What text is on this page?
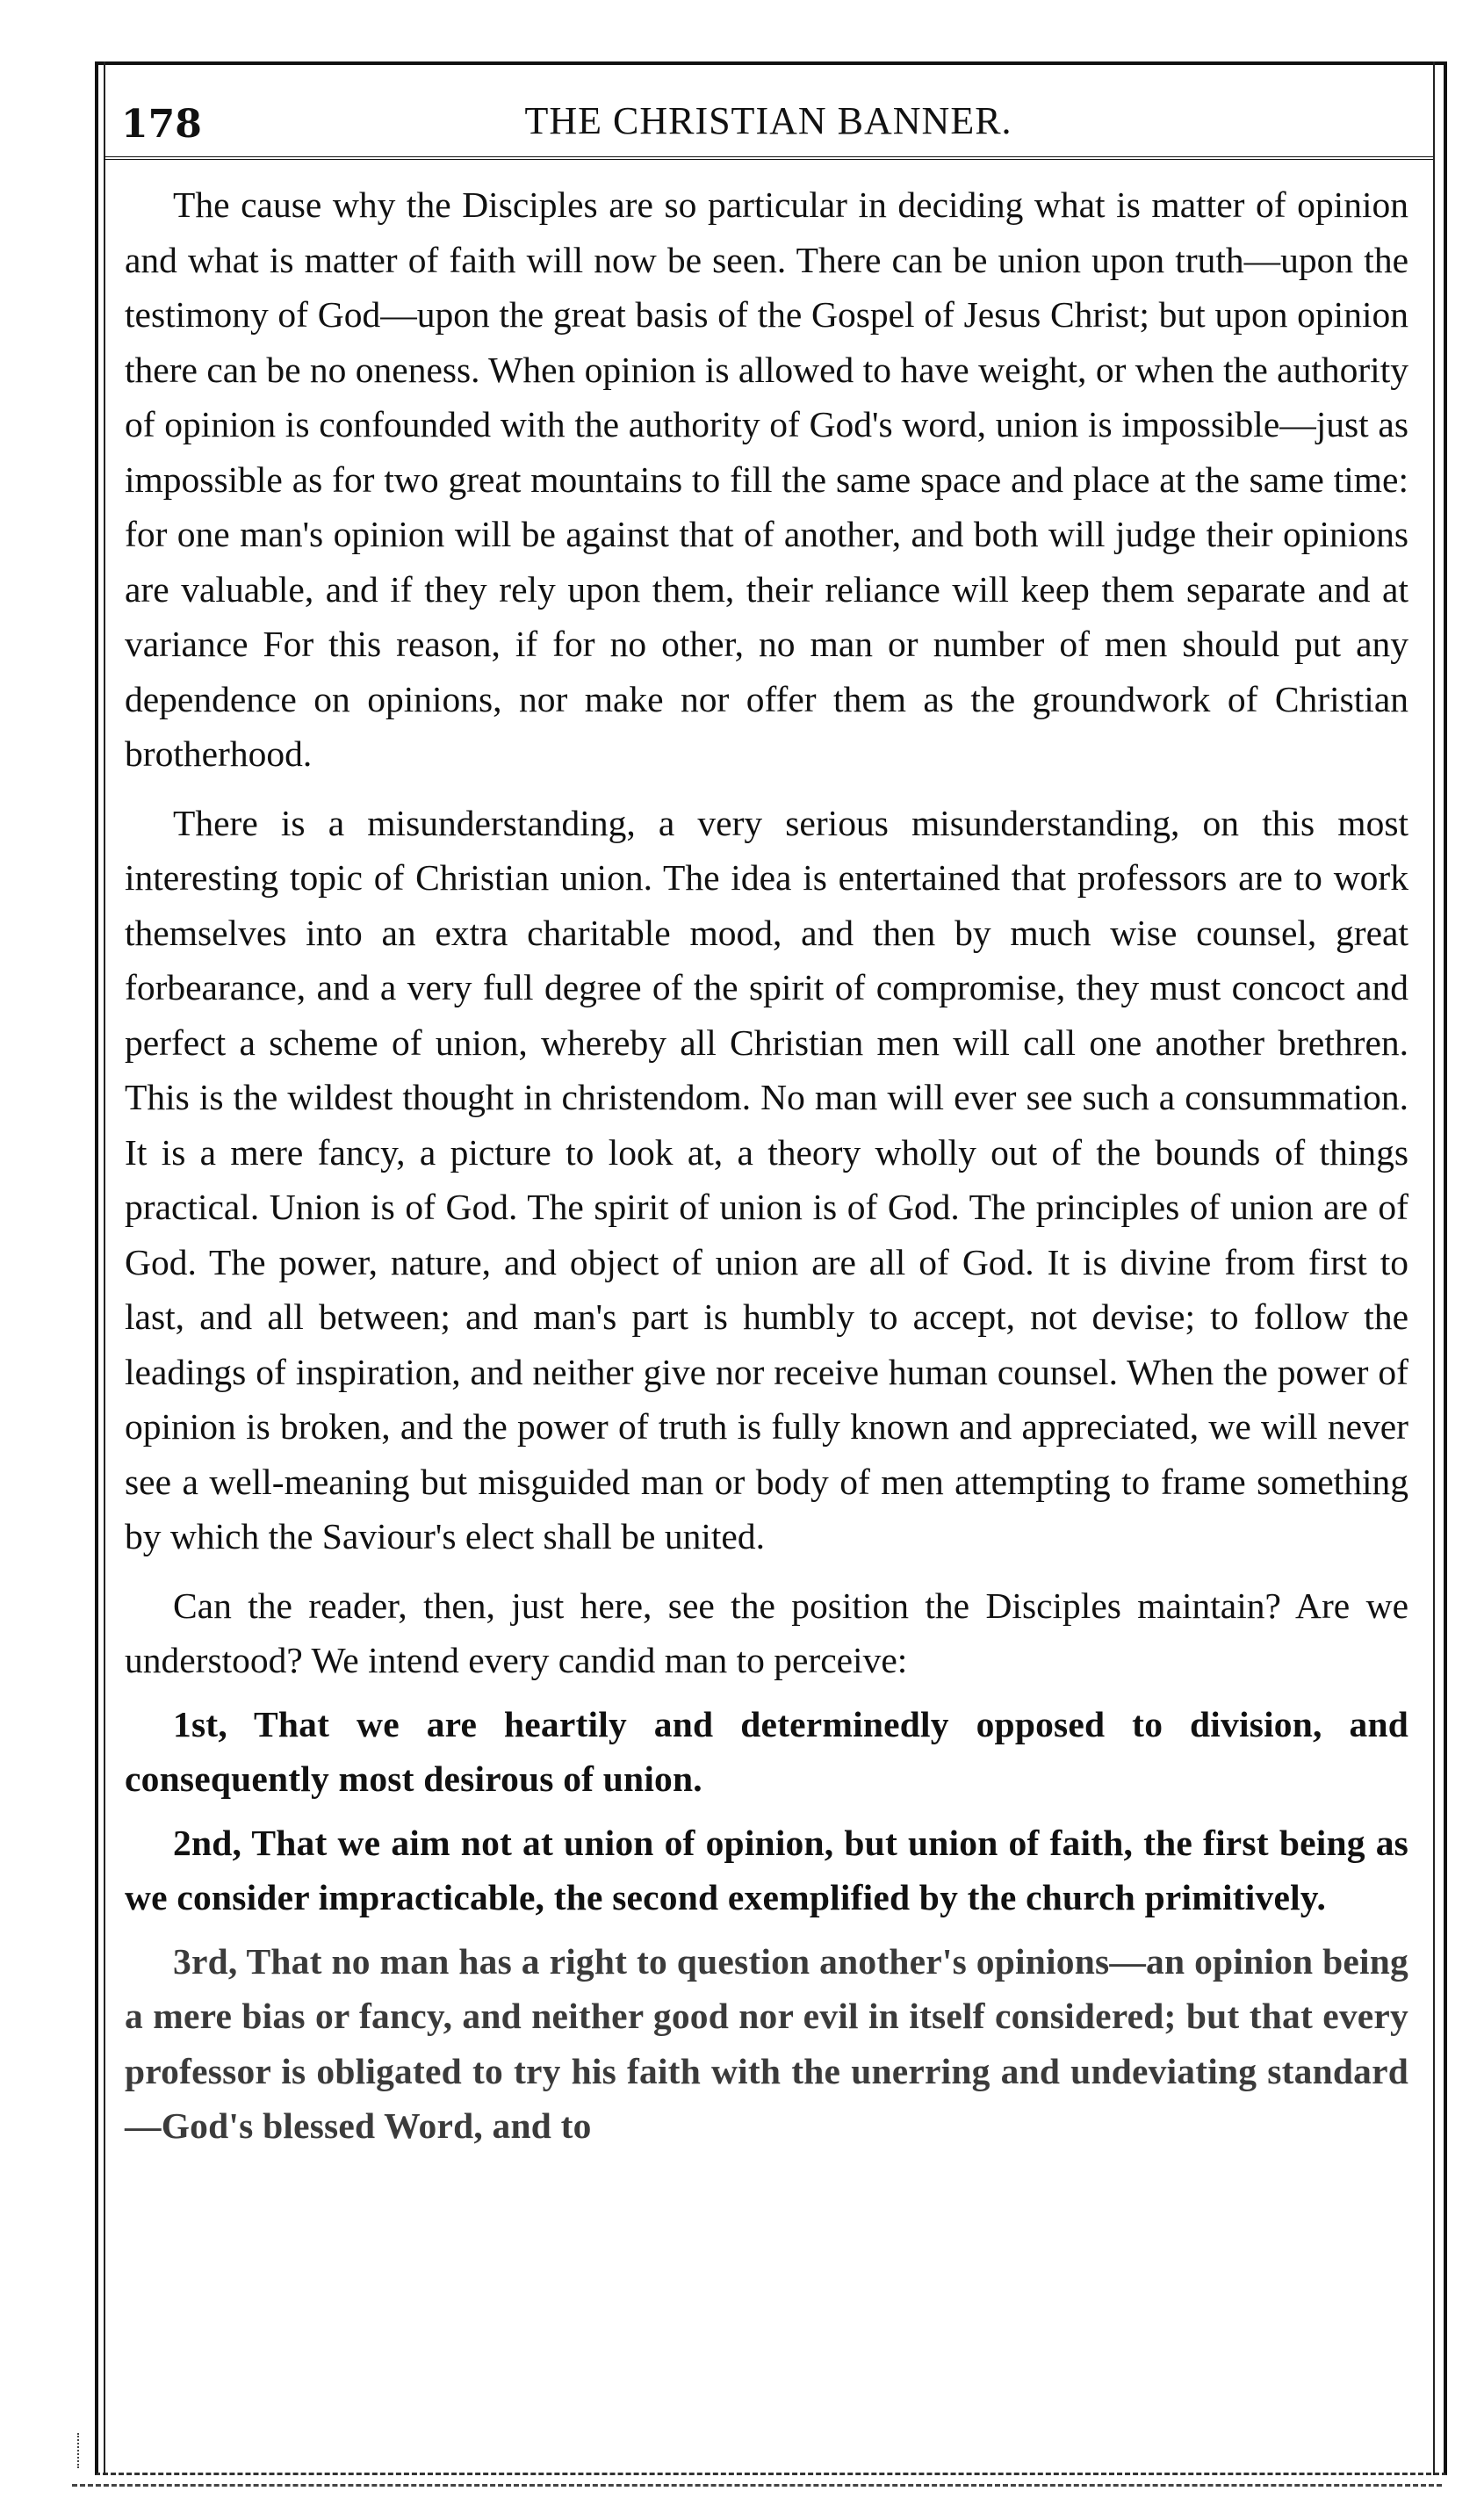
178	THE CHRISTIAN BANNER.

The cause why the Disciples are so particular in deciding what is matter of opinion and what is matter of faith will now be seen. There can be union upon truth—upon the testimony of God—upon the great basis of the Gospel of Jesus Christ; but upon opinion there can be no oneness. When opinion is allowed to have weight, or when the authority of opinion is confounded with the authority of God's word, union is impossible—just as impossible as for two great mountains to fill the same space and place at the same time: for one man's opinion will be against that of another, and both will judge their opinions are valuable, and if they rely upon them, their reliance will keep them separate and at variance For this reason, if for no other, no man or number of men should put any dependence on opinions, nor make nor offer them as the groundwork of Christian brotherhood.

There is a misunderstanding, a very serious misunderstanding, on this most interesting topic of Christian union. The idea is entertained that professors are to work themselves into an extra charitable mood, and then by much wise counsel, great forbearance, and a very full degree of the spirit of compromise, they must concoct and perfect a scheme of union, whereby all Christian men will call one another brethren. This is the wildest thought in christendom. No man will ever see such a consummation. It is a mere fancy, a picture to look at, a theory wholly out of the bounds of things practical. Union is of God. The spirit of union is of God. The principles of union are of God. The power, nature, and object of union are all of God. It is divine from first to last, and all between; and man's part is humbly to accept, not devise; to follow the leadings of inspiration, and neither give nor receive human counsel. When the power of opinion is broken, and the power of truth is fully known and appreciated, we will never see a well-meaning but misguided man or body of men attempting to frame something by which the Saviour's elect shall be united.

Can the reader, then, just here, see the position the Disciples maintain? Are we understood? We intend every candid man to perceive:

1st, That we are heartily and determinedly opposed to division, and consequently most desirous of union.

2nd, That we aim not at union of opinion, but union of faith, the first being as we consider impracticable, the second exemplified by the church primitively.

3rd, That no man has a right to question another's opinions—an opinion being a mere bias or fancy, and neither good nor evil in itself considered; but that every professor is obligated to try his faith with the unerring and undeviating standard—God's blessed Word, and to
